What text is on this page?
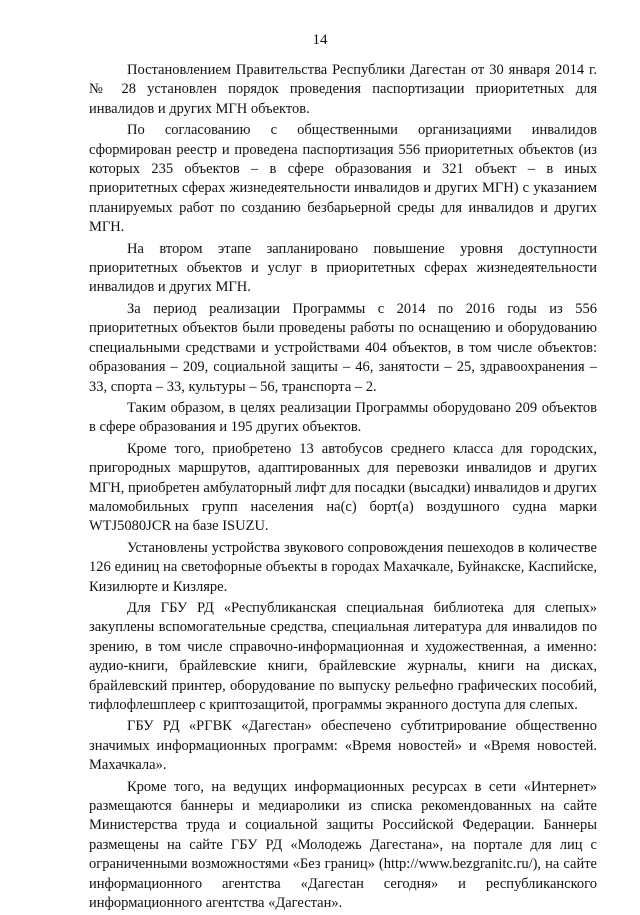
14

Постановлением Правительства Республики Дагестан от 30 января 2014 г. № 28 установлен порядок проведения паспортизации приоритетных для инвалидов и других МГН объектов.

По согласованию с общественными организациями инвалидов сформирован реестр и проведена паспортизация 556 приоритетных объектов (из которых 235 объектов – в сфере образования и 321 объект – в иных приоритетных сферах жизнедеятельности инвалидов и других МГН) с указанием планируемых работ по созданию безбарьерной среды для инвалидов и других МГН.

На втором этапе запланировано повышение уровня доступности приоритетных объектов и услуг в приоритетных сферах жизнедеятельности инвалидов и других МГН.

За период реализации Программы с 2014 по 2016 годы из 556 приоритетных объектов были проведены работы по оснащению и оборудованию специальными средствами и устройствами 404 объектов, в том числе объектов: образования – 209, социальной защиты – 46, занятости – 25, здравоохранения – 33, спорта – 33, культуры – 56, транспорта – 2.

Таким образом, в целях реализации Программы оборудовано 209 объектов в сфере образования и 195 других объектов.

Кроме того, приобретено 13 автобусов среднего класса для городских, пригородных маршрутов, адаптированных для перевозки инвалидов и других МГН, приобретен амбулаторный лифт для посадки (высадки) инвалидов и других маломобильных групп населения на(с) борт(а) воздушного судна марки WTJ5080JCR на базе ISUZU.

Установлены устройства звукового сопровождения пешеходов в количестве 126 единиц на светофорные объекты в городах Махачкале, Буйнакске, Каспийске, Кизилюрте и Кизляре.

Для ГБУ РД «Республиканская специальная библиотека для слепых» закуплены вспомогательные средства, специальная литература для инвалидов по зрению, в том числе справочно-информационная и художественная, а именно: аудио-книги, брайлевские книги, брайлевские журналы, книги на дисках, брайлевский принтер, оборудование по выпуску рельефно графических пособий, тифлофлешплеер с криптозащитой, программы экранного доступа для слепых.

ГБУ РД «РГВК «Дагестан» обеспечено субтитрирование общественно значимых информационных программ: «Время новостей» и «Время новостей. Махачкала».

Кроме того, на ведущих информационных ресурсах в сети «Интернет» размещаются баннеры и медиаролики из списка рекомендованных на сайте Министерства труда и социальной защиты Российской Федерации. Баннеры размещены на сайте ГБУ РД «Молодежь Дагестана», на портале для лиц с ограниченными возможностями «Без границ» (http://www.bezgranitc.ru/), на сайте информационного агентства «Дагестан сегодня» и республиканского информационного агентства «Дагестан».
